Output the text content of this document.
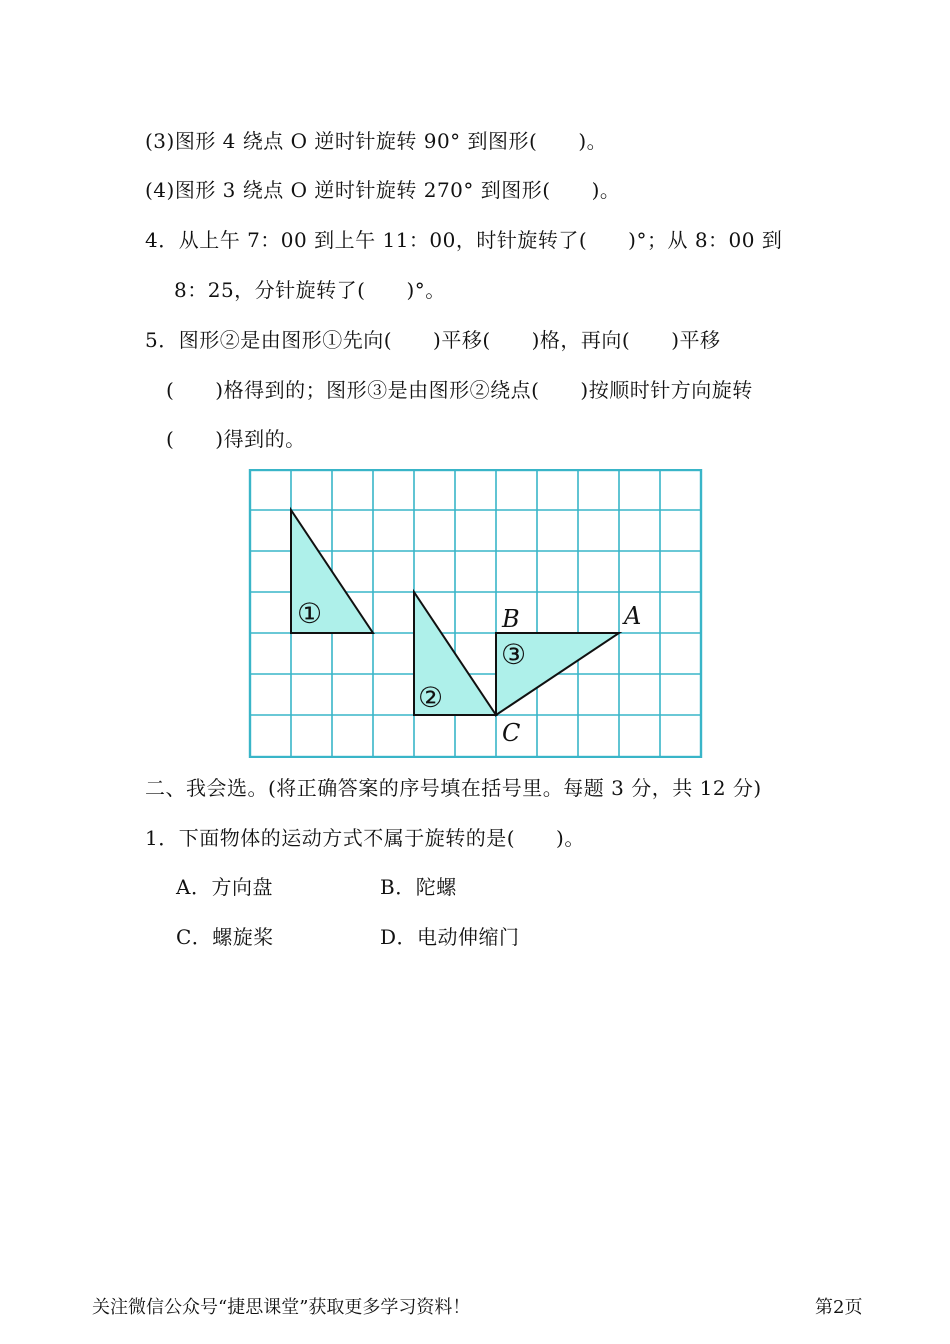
(3)图形 4 绕点 O 逆时针旋转 90° 到图形(　　)。
(4)图形 3 绕点 O 逆时针旋转 270° 到图形(　　)。
4．从上午 7：00 到上午 11：00，时针旋转了(　　)°；从 8：00 到
8：25，分针旋转了(　　)°。
5．图形②是由图形①先向(　　)平移(　　)格，再向(　　)平移
(　　)格得到的；图形③是由图形②绕点(　　)按顺时针方向旋转
(　　)得到的。
①
②
③
B	A
C
二、我会选。(将正确答案的序号填在括号里。每题 3 分，共 12 分)
1．下面物体的运动方式不属于旋转的是(　　)。
A．方向盘	B．陀螺
C．螺旋桨	D．电动伸缩门
关注微信公众号“捷思课堂”获取更多学习资料！	第2页
